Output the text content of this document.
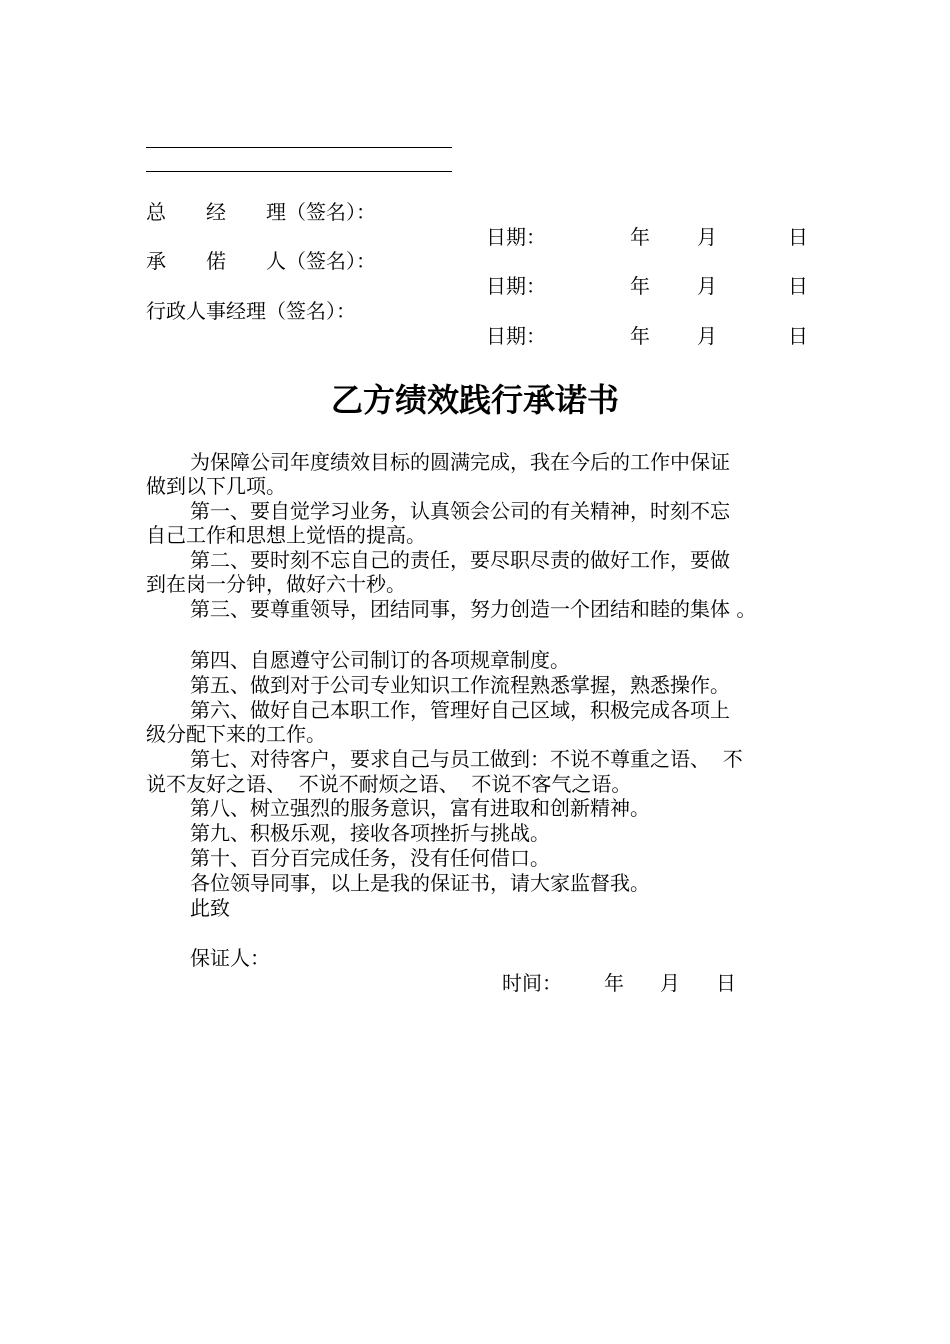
总　　经　　理（签名）：
日期：	年 月	日
承　　偌　　人（签名）：
日期：	年 月	日
行政人事经理（签名）：
日期：	年 月	日
乙方绩效践行承诺书
为保障公司年度绩效目标的圆满完成，我在今后的工作中保证
做到以下几项。
第一、要自觉学习业务，认真领会公司的有关精神，时刻不忘
自己工作和思想上觉悟的提高。
第二、要时刻不忘自己的责任，要尽职尽责的做好工作，要做
到在岗一分钟，做好六十秒。
第三、要尊重领导，团结同事，努力创造一个团结和睦的集体 。
第四、自愿遵守公司制订的各项规章制度。
第五、做到对于公司专业知识工作流程熟悉掌握，熟悉操作。
第六、做好自己本职工作，管理好自己区域，积极完成各项上
级分配下来的工作。
第七、对待客户，要求自己与员工做到：不说不尊重之语、  不
说不友好之语、  不说不耐烦之语、  不说不客气之语。
第八、树立强烈的服务意识，富有进取和创新精神。
第九、积极乐观，接收各项挫折与挑战。
第十、百分百完成任务，没有任何借口。
各位领导同事，以上是我的保证书，请大家监督我。
此致
保证人：
时间： 年 月 日
